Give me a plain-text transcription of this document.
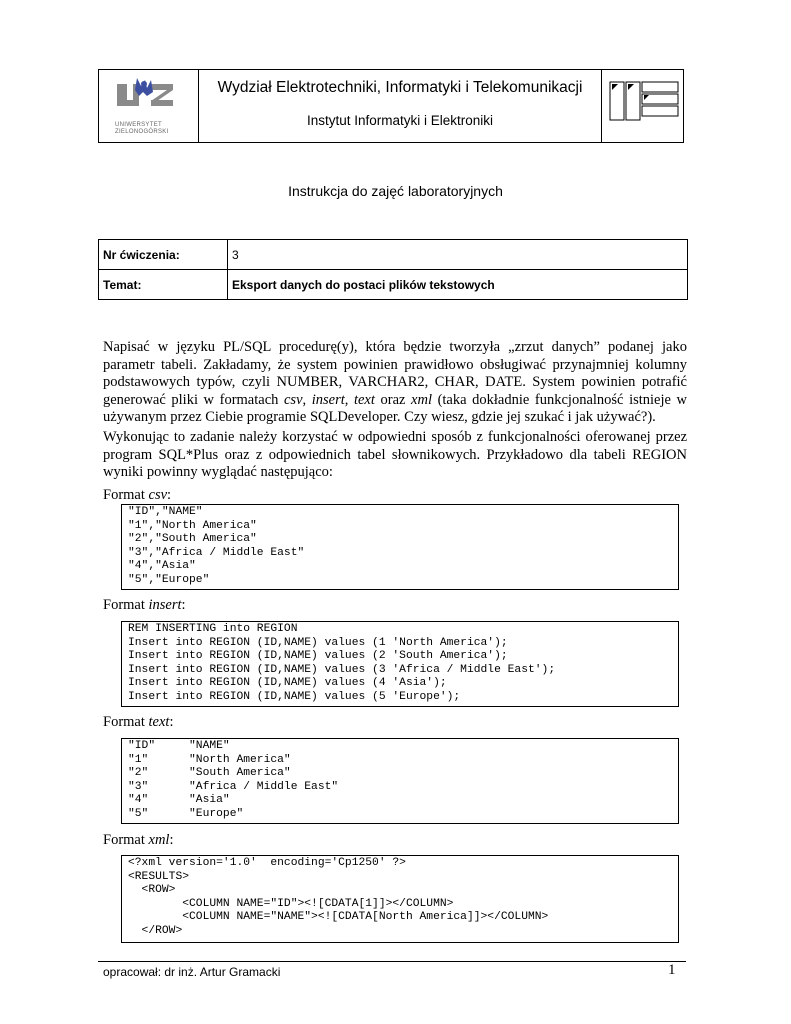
UNIWERSYTET
ZIELONOGÓRSKI
Wydział Elektrotechniki, Informatyki i Telekomunikacji
Instytut Informatyki i Elektroniki
Instrukcja do zajęć laboratoryjnych
Nr ćwiczenia:	3
Temat:	Eksport danych do postaci plików tekstowych
Napisać w języku PL/SQL procedurę(y), która będzie tworzyła „zrzut danych” podanej jako parametr tabeli. Zakładamy, że system powinien prawidłowo obsługiwać przynajmniej kolumny podstawowych typów, czyli NUMBER, VARCHAR2, CHAR, DATE. System powinien potrafić generować pliki w formatach csv, insert, text oraz xml (taka dokładnie funkcjonalność istnieje w używanym przez Ciebie programie SQLDeveloper. Czy wiesz, gdzie jej szukać i jak używać?).
Wykonując to zadanie należy korzystać w odpowiedni sposób z funkcjonalności oferowanej przez program SQL*Plus oraz z odpowiednich tabel słownikowych. Przykładowo dla tabeli REGION wyniki powinny wyglądać następująco:
Format csv:
"ID","NAME"
"1","North America"
"2","South America"
"3","Africa / Middle East"
"4","Asia"
"5","Europe"
Format insert:
REM INSERTING into REGION
Insert into REGION (ID,NAME) values (1 'North America');
Insert into REGION (ID,NAME) values (2 'South America');
Insert into REGION (ID,NAME) values (3 'Africa / Middle East');
Insert into REGION (ID,NAME) values (4 'Asia');
Insert into REGION (ID,NAME) values (5 'Europe');
Format text:
"ID"     "NAME"
"1"      "North America"
"2"      "South America"
"3"      "Africa / Middle East"
"4"      "Asia"
"5"      "Europe"
Format xml:
<?xml version='1.0'  encoding='Cp1250' ?>
<RESULTS>
<ROW>
<COLUMN NAME="ID"><![CDATA[1]]></COLUMN>
<COLUMN NAME="NAME"><![CDATA[North America]]></COLUMN>
</ROW>
opracował: dr inż. Artur Gramacki	1
